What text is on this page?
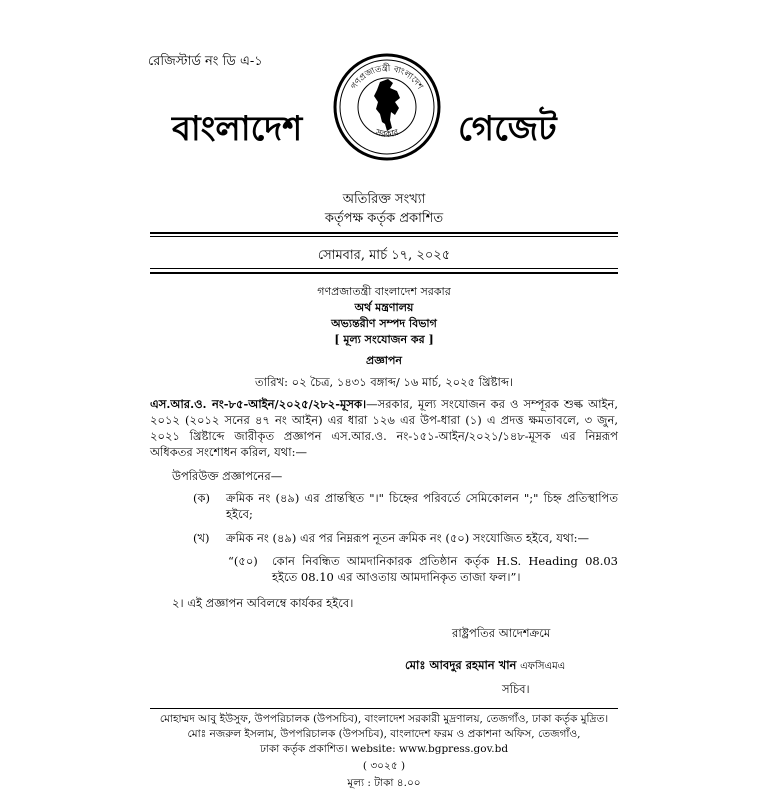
রেজিস্টার্ড নং ডি এ-১
বাংলাদেশ
গণপ্রজাতন্ত্রী বাংলাদেশ
সরকার গেজেট
অতিরিক্ত সংখ্যা
কর্তৃপক্ষ কর্তৃক প্রকাশিত
সোমবার, মার্চ ১৭, ২০২৫
গণপ্রজাতন্ত্রী বাংলাদেশ সরকার
অর্থ মন্ত্রণালয়
অভ্যন্তরীণ সম্পদ বিভাগ
[ মূল্য সংযোজন কর ]
প্রজ্ঞাপন
তারিখ: ০২ চৈত্র, ১৪৩১ বঙ্গাব্দ/ ১৬ মার্চ, ২০২৫ খ্রিষ্টাব্দ।
এস.আর.ও. নং-৮৫-আইন/২০২৫/২৮২-মূসক।—সরকার, মূল্য সংযোজন কর ও সম্পূরক শুল্ক আইন, ২০১২ (২০১২ সনের ৪৭ নং আইন) এর ধারা ১২৬ এর উপ-ধারা (১) এ প্রদত্ত ক্ষমতাবলে, ৩ জুন, ২০২১ খ্রিষ্টাব্দে জারীকৃত প্রজ্ঞাপন এস.আর.ও. নং-১৫১-আইন/২০২১/১৪৮-মূসক এর নিম্নরূপ অধিকতর সংশোধন করিল, যথা:—
উপরিউক্ত প্রজ্ঞাপনের—
(ক) ক্রমিক নং (৪৯) এর প্রান্তস্থিত "।" চিহ্নের পরিবর্তে সেমিকোলন ";" চিহ্ন প্রতিস্থাপিত হইবে;
(খ) ক্রমিক নং (৪৯) এর পর নিম্নরূপ নূতন ক্রমিক নং (৫০) সংযোজিত হইবে, যথা:—
“(৫০) কোন নিবন্ধিত আমদানিকারক প্রতিষ্ঠান কর্তৃক H.S. Heading 08.03 হইতে 08.10 এর আওতায় আমদানিকৃত তাজা ফল।”।
২। এই প্রজ্ঞাপন অবিলম্বে কার্যকর হইবে।
রাষ্ট্রপতির আদেশক্রমে
মোঃ আবদুর রহমান খান এফসিএমএ
সচিব।
মোহাম্মদ আবু ইউসুফ, উপপরিচালক (উপসচিব), বাংলাদেশ সরকারী মুদ্রণালয়, তেজগাঁও, ঢাকা কর্তৃক মুদ্রিত।
মোঃ নজরুল ইসলাম, উপপরিচালক (উপসচিব), বাংলাদেশ ফরম ও প্রকাশনা অফিস, তেজগাঁও,
ঢাকা কর্তৃক প্রকাশিত। website: www.bgpress.gov.bd
( ৩০২৫ )
মূল্য : টাকা ৪.০০
